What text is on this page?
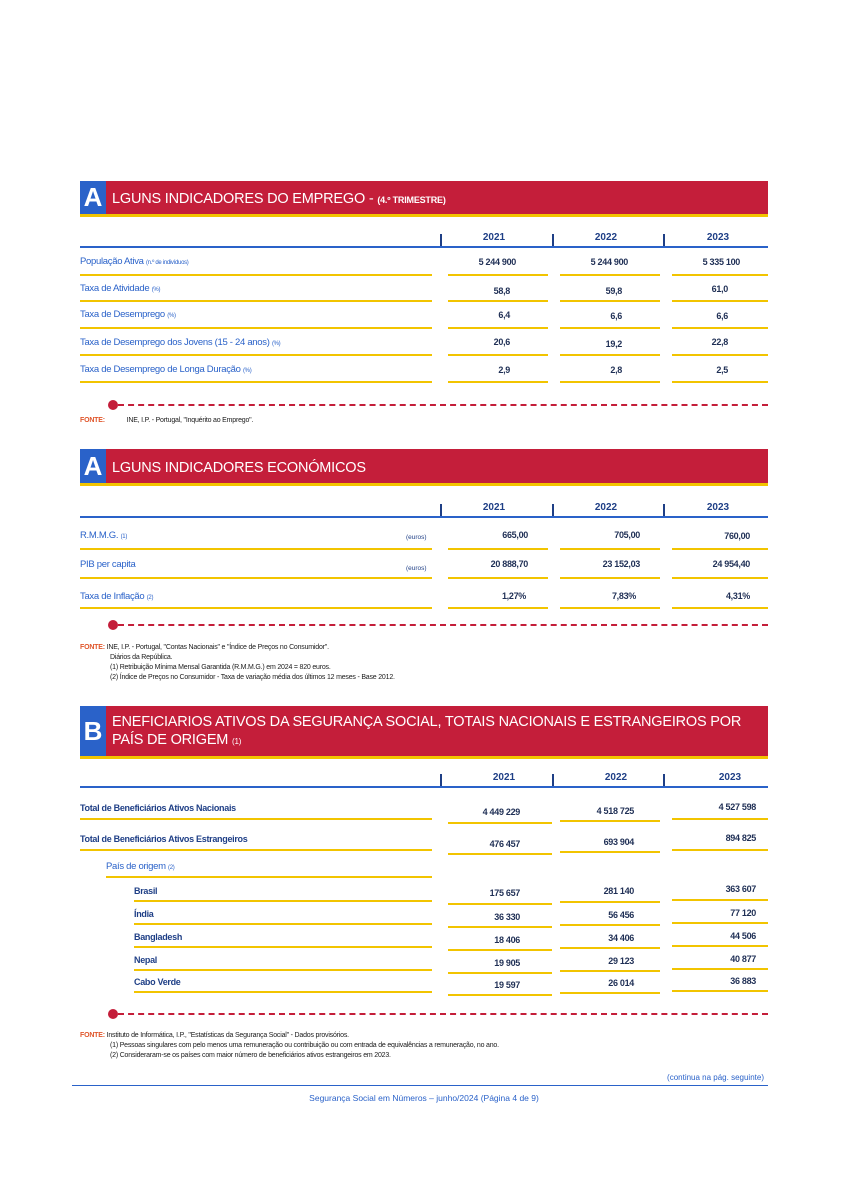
A LGUNS INDICADORES DO EMPREGO - (4.º TRIMESTRE)
2021	2022	2023
População Ativa (n.º de indivíduos)	5 244 900	5 244 900	5 335 100
Taxa de Atividade (%)	58,8	59,8	61,0
Taxa de Desemprego (%)	6,4	6,6	6,6
Taxa de Desemprego dos Jovens (15 - 24 anos) (%)	20,6	19,2	22,8
Taxa de Desemprego de Longa Duração (%)	2,9	2,8	2,5
FONTE:	INE, I.P. - Portugal, "Inquérito ao Emprego".
A LGUNS INDICADORES ECONÓMICOS
2021	2022	2023
R.M.M.G. (1)	(euros)	665,00	705,00	760,00
PIB per capita	(euros)	20 888,70	23 152,03	24 954,40
Taxa de Inflação (2)	1,27%	7,83%	4,31%
FONTE: INE, I.P. - Portugal, "Contas Nacionais" e "Índice de Preços no Consumidor".
Diários da República.
(1) Retribuição Mínima Mensal Garantida (R.M.M.G.) em 2024 = 820 euros.
(2) Índice de Preços no Consumidor - Taxa de variação média dos últimos 12 meses - Base 2012.
B ENEFICIARIOS ATIVOS DA SEGURANÇA SOCIAL, TOTAIS NACIONAIS E ESTRANGEIROS POR
PAÍS DE ORIGEM (1)
2021	2022	2023
Total de Beneficiários Ativos Nacionais	4 449 229	4 518 725	4 527 598
Total de Beneficiários Ativos Estrangeiros	476 457	693 904	894 825
País de origem (2)
Brasil	175 657	281 140	363 607
Índia	36 330	56 456	77 120
Bangladesh	18 406	34 406	44 506
Nepal	19 905	29 123	40 877
Cabo Verde	19 597	26 014	36 883
FONTE: Instituto de Informática, I.P., "Estatísticas da Segurança Social" - Dados provisórios.
(1) Pessoas singulares com pelo menos uma remuneração ou contribuição ou com entrada de equivalências a remuneração, no ano.
(2) Consideraram-se os países com maior número de beneficiários ativos estrangeiros em 2023.
(continua na pág. seguinte)
Segurança Social em Números – junho/2024 (Página 4 de 9)
